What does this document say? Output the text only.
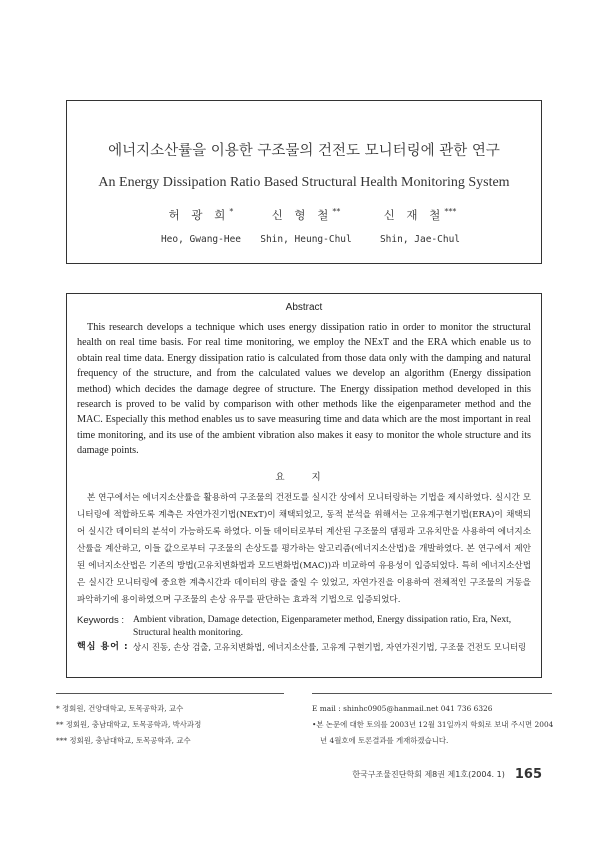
에너지소산률을 이용한 구조물의 건전도 모니터링에 관한 연구
An Energy Dissipation Ratio Based Structural Health Monitoring System
허 광 희*
Heo, Gwang-Hee
신 형 철**
Shin, Heung-Chul
신 재 철***
Shin, Jae-Chul
Abstract
This research develops a technique which uses energy dissipation ratio in order to monitor the structural health on real time basis. For real time monitoring, we employ the NExT and the ERA which enable us to obtain real time data. Energy dissipation ratio is calculated from those data only with the damping and natural frequency of the structure, and from the calculated values we develop an algorithm (Energy dissipation method) which decides the damage degree of structure. The Energy dissipation method developed in this research is proved to be valid by comparison with other methods like the eigenparameter method and the MAC. Especially this method enables us to save measuring time and data which are the most important in real time monitoring, and its use of the ambient vibration also makes it easy to monitor the whole structure and its damage points.
요 지
본 연구에서는 에너지소산률을 활용하여 구조물의 건전도를 실시간 상에서 모니터링하는 기법을 제시하였다. 실시간 모니터링에 적합하도록 계측은 자연가진기법(NExT)이 채택되었고, 동적 분석을 위해서는 고유계구현기법(ERA)이 채택되어 실시간 데이터의 분석이 가능하도록 하였다. 이들 데이터로부터 계산된 구조물의 댐핑과 고유치만을 사용하여 에너지소산률을 계산하고, 이들 값으로부터 구조물의 손상도를 평가하는 알고리즘(에너지소산법)을 개발하였다. 본 연구에서 제안된 에너지소산법은 기존의 방법(고유치변화법과 모드변화법(MAC))과 비교하여 유용성이 입증되었다. 특히 에너지소산법은 실시간 모니터링에 중요한 계측시간과 데이터의 량을 줄일 수 있었고, 자연가진을 이용하여 전체적인 구조물의 거동을 파악하기에 용이하였으며 구조물의 손상 유무를 판단하는 효과적 기법으로 입증되었다.
Keywords : Ambient vibration, Damage detection, Eigenparameter method, Energy dissipation ratio, Era, Next, Structural health monitoring.
핵심 용어 : 상시 진동, 손상 검출, 고유치변화법, 에너지소산률, 고유계 구현기법, 자연가진기법, 구조물 건전도 모니터링
* 정회원, 건양대학교, 토목공학과, 교수
** 정회원, 충남대학교, 토목공학과, 박사과정
*** 정회원, 충남대학교, 토목공학과, 교수
E mail : shinhc0905@hanmail.net 041 736 6326
•본 논문에 대한 토의를 2003년 12월 31일까지 학회로 보내 주시면 2004년 4월호에 토론결과를 게재하겠습니다.
한국구조물진단학회 제8권 제1호(2004. 1) 165
